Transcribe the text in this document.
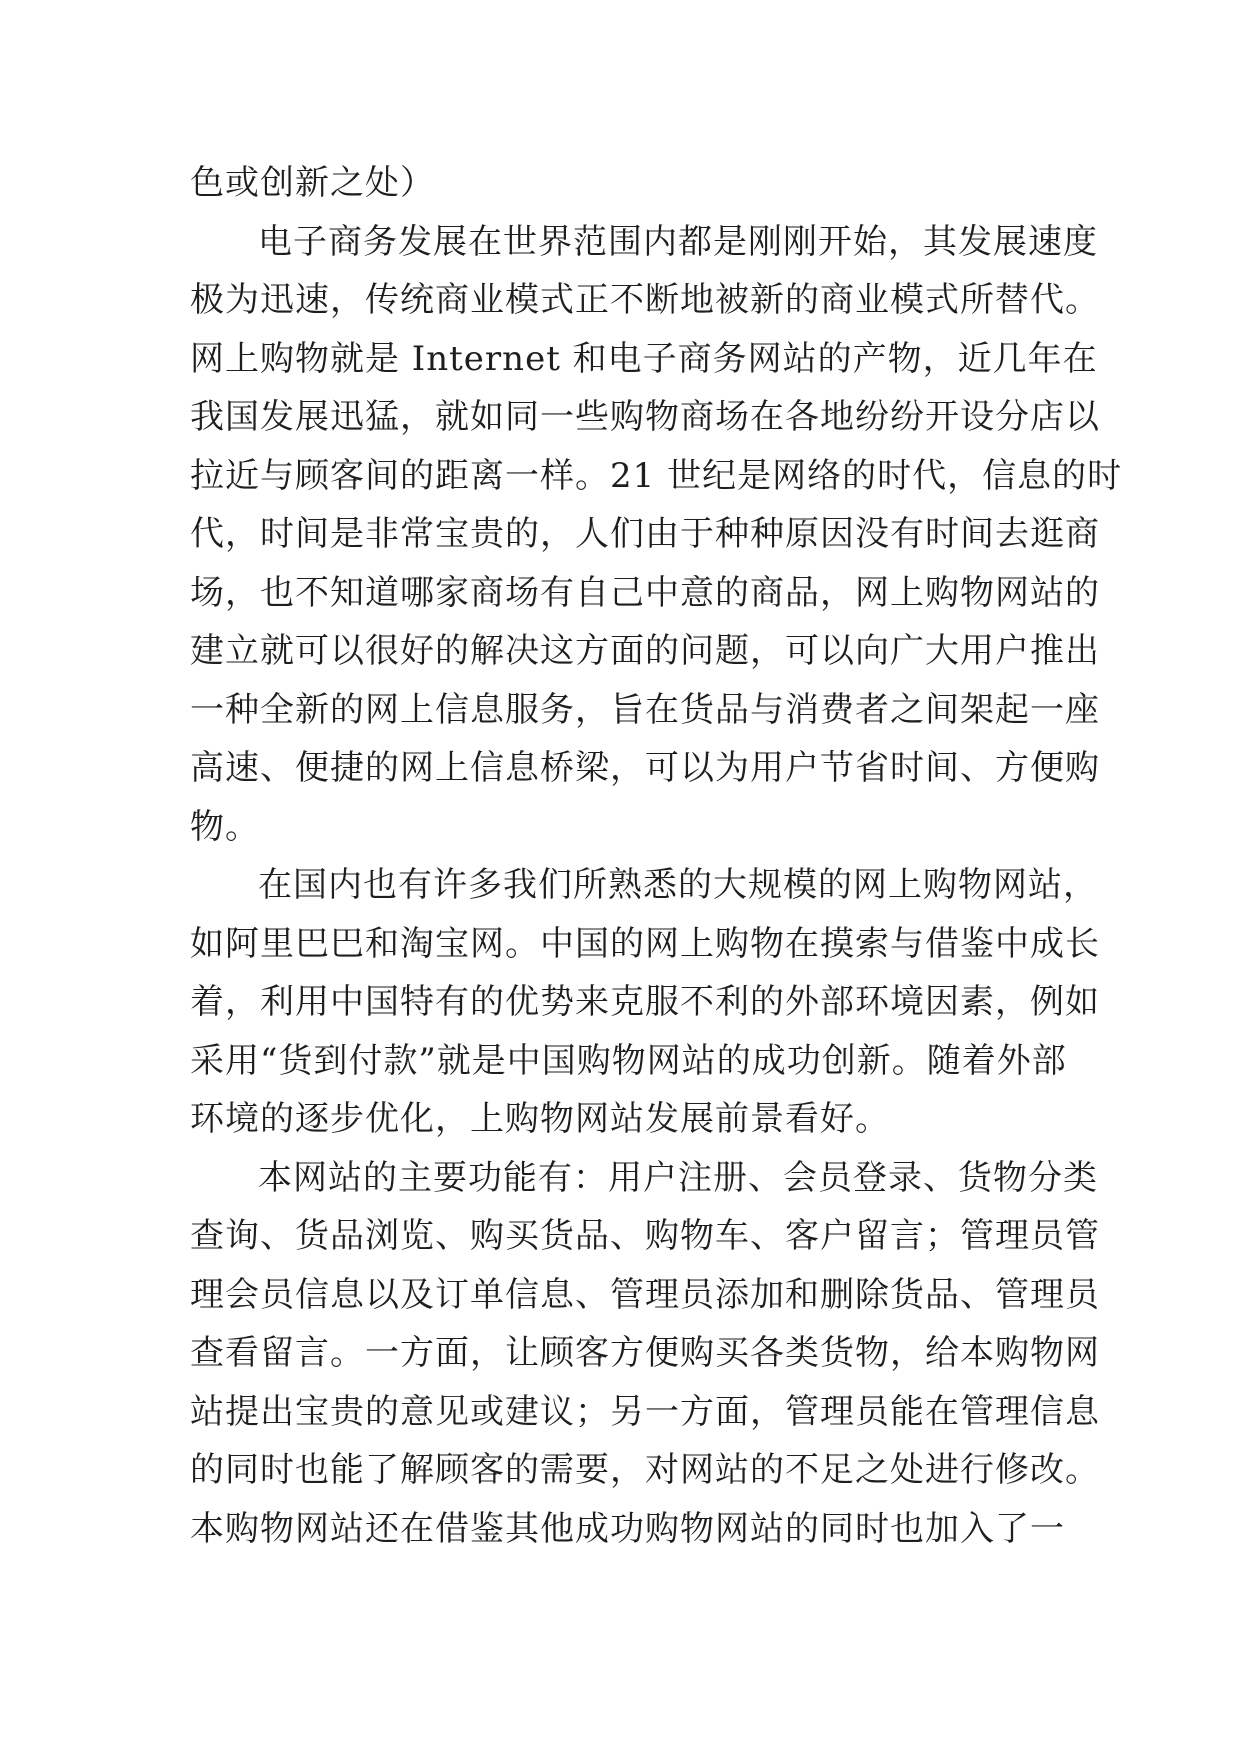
色或创新之处）
电子商务发展在世界范围内都是刚刚开始，其发展速度
极为迅速，传统商业模式正不断地被新的商业模式所替代。
网上购物就是 Internet 和电子商务网站的产物，近几年在
我国发展迅猛，就如同一些购物商场在各地纷纷开设分店以
拉近与顾客间的距离一样。21 世纪是网络的时代，信息的时
代，时间是非常宝贵的，人们由于种种原因没有时间去逛商
场，也不知道哪家商场有自己中意的商品，网上购物网站的
建立就可以很好的解决这方面的问题，可以向广大用户推出
一种全新的网上信息服务，旨在货品与消费者之间架起一座
高速、便捷的网上信息桥梁，可以为用户节省时间、方便购
物。
在国内也有许多我们所熟悉的大规模的网上购物网站，
如阿里巴巴和淘宝网。中国的网上购物在摸索与借鉴中成长
着，利用中国特有的优势来克服不利的外部环境因素，例如
采用“货到付款”就是中国购物网站的成功创新。随着外部
环境的逐步优化，上购物网站发展前景看好。
本网站的主要功能有：用户注册、会员登录、货物分类
查询、货品浏览、购买货品、购物车、客户留言；管理员管
理会员信息以及订单信息、管理员添加和删除货品、管理员
查看留言。一方面，让顾客方便购买各类货物，给本购物网
站提出宝贵的意见或建议；另一方面，管理员能在管理信息
的同时也能了解顾客的需要，对网站的不足之处进行修改。
本购物网站还在借鉴其他成功购物网站的同时也加入了一
